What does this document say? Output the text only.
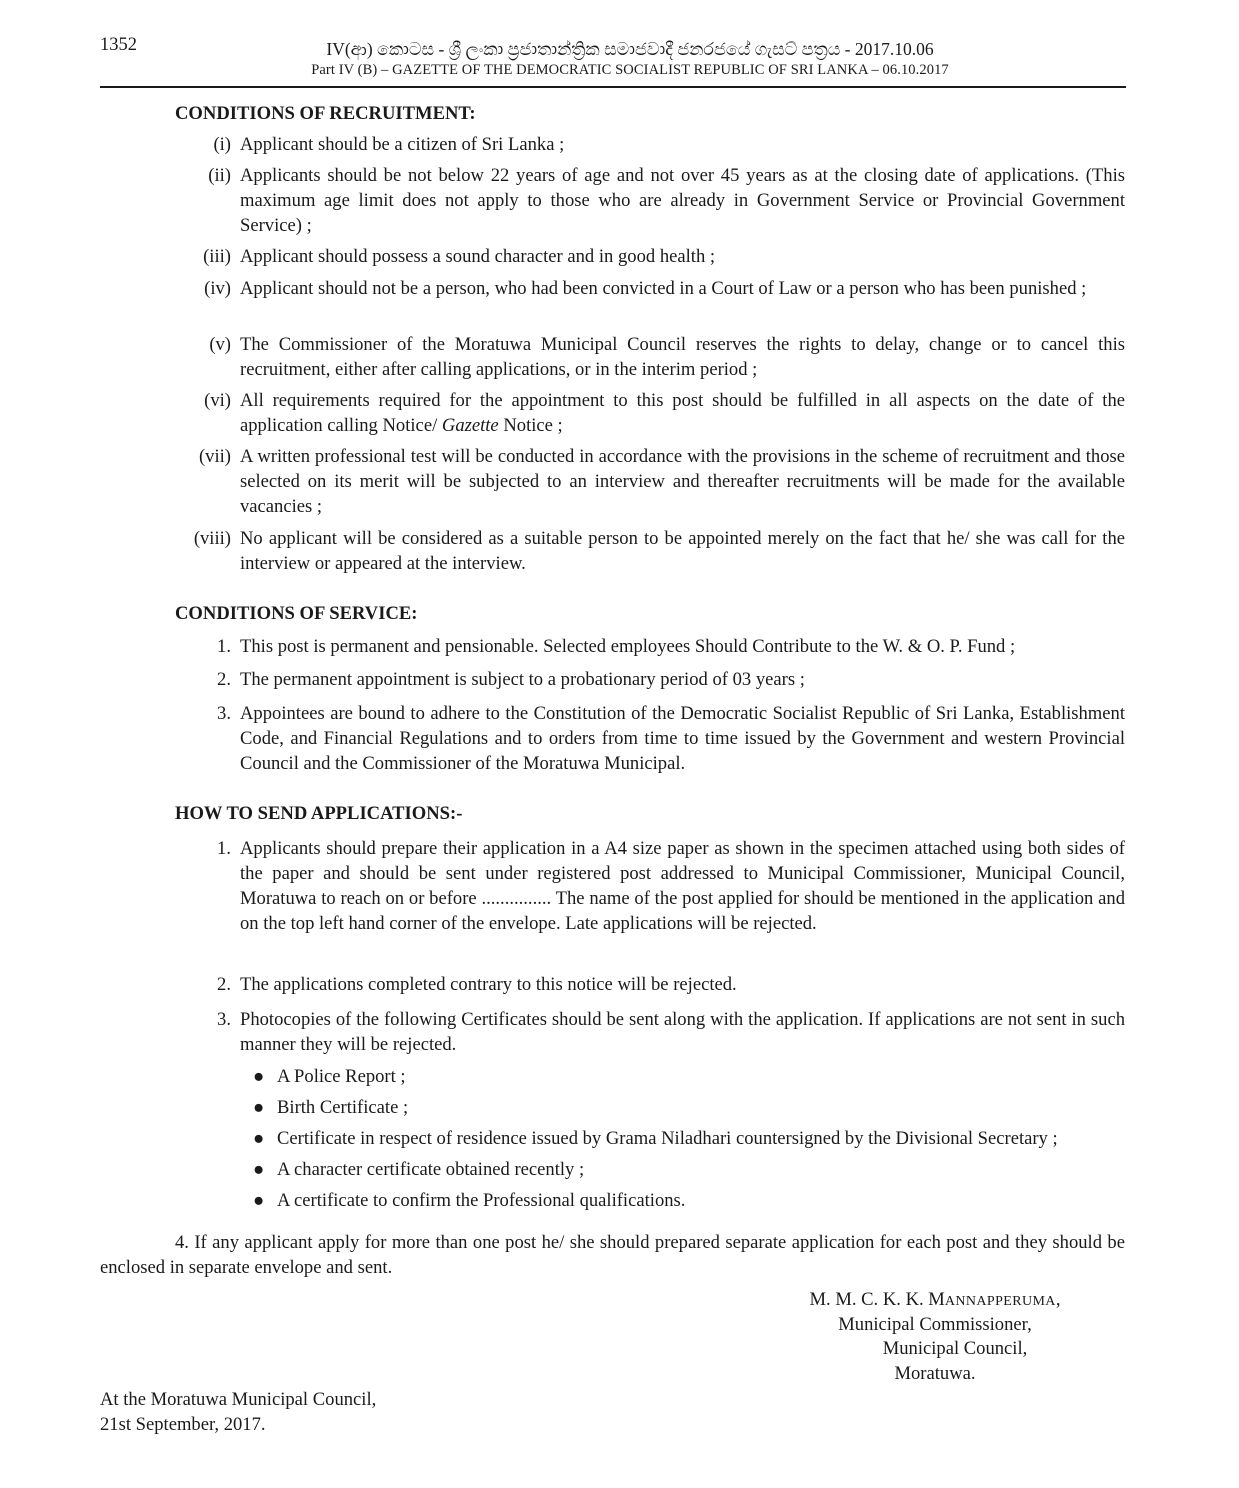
1352	IV(ආ) කොටස - ශ්‍රී ලංකා ප්‍රජාතාන්ත්‍රික සමාජවාදී ජනරජයේ ගැසට් පත්‍රය - 2017.10.06
Part IV (B) – GAZETTE OF THE DEMOCRATIC SOCIALIST REPUBLIC OF SRI LANKA – 06.10.2017
CONDITIONS OF RECRUITMENT:
(i) Applicant should be a citizen of Sri Lanka ;
(ii) Applicants should be not below 22 years of age and not over 45 years as at the closing date of applications. (This maximum age limit does not apply to those who are already in Government Service or Provincial Government Service) ;
(iii) Applicant should possess a sound character and in good health ;
(iv) Applicant should not be a person, who had been convicted in a Court of Law or a person who has been punished ;
(v) The Commissioner of the Moratuwa Municipal Council reserves the rights to delay, change or to cancel this recruitment, either after calling applications, or in the interim period ;
(vi) All requirements required for the appointment to this post should be fulfilled in all aspects on the date of the application calling Notice/ Gazette Notice ;
(vii) A written professional test will be conducted in accordance with the provisions in the scheme of recruitment and those selected on its merit will be subjected to an interview and thereafter recruitments will be made for the available vacancies ;
(viii) No applicant will be considered as a suitable person to be appointed merely on the fact that he/ she was call for the interview or appeared at the interview.
CONDITIONS OF SERVICE:
1. This post is permanent and pensionable. Selected employees Should Contribute to the W. & O. P. Fund ;
2. The permanent appointment is subject to a probationary period of 03 years ;
3. Appointees are bound to adhere to the Constitution of the Democratic Socialist Republic of Sri Lanka, Establishment Code, and Financial Regulations and to orders from time to time issued by the Government and western Provincial Council and the Commissioner of the Moratuwa Municipal.
HOW TO SEND APPLICATIONS:-
1. Applicants should prepare their application in a A4 size paper as shown in the specimen attached using both sides of the paper and should be sent under registered post addressed to Municipal Commissioner, Municipal Council, Moratuwa to reach on or before ............... The name of the post applied for should be mentioned in the application and on the top left hand corner of the envelope. Late applications will be rejected.
2. The applications completed contrary to this notice will be rejected.
3. Photocopies of the following Certificates should be sent along with the application. If applications are not sent in such manner they will be rejected.
● A Police Report ;
● Birth Certificate ;
● Certificate in respect of residence issued by Grama Niladhari countersigned by the Divisional Secretary ;
● A character certificate obtained recently ;
● A certificate to confirm the Professional qualifications.
4. If any applicant apply for more than one post he/ she should prepared separate application for each post and they should be enclosed in separate envelope and sent.
M. M. C. K. K. MANNAPPERUMA,
Municipal Commissioner,
Municipal Council,
Moratuwa.
At the Moratuwa Municipal Council,
21st September, 2017.
